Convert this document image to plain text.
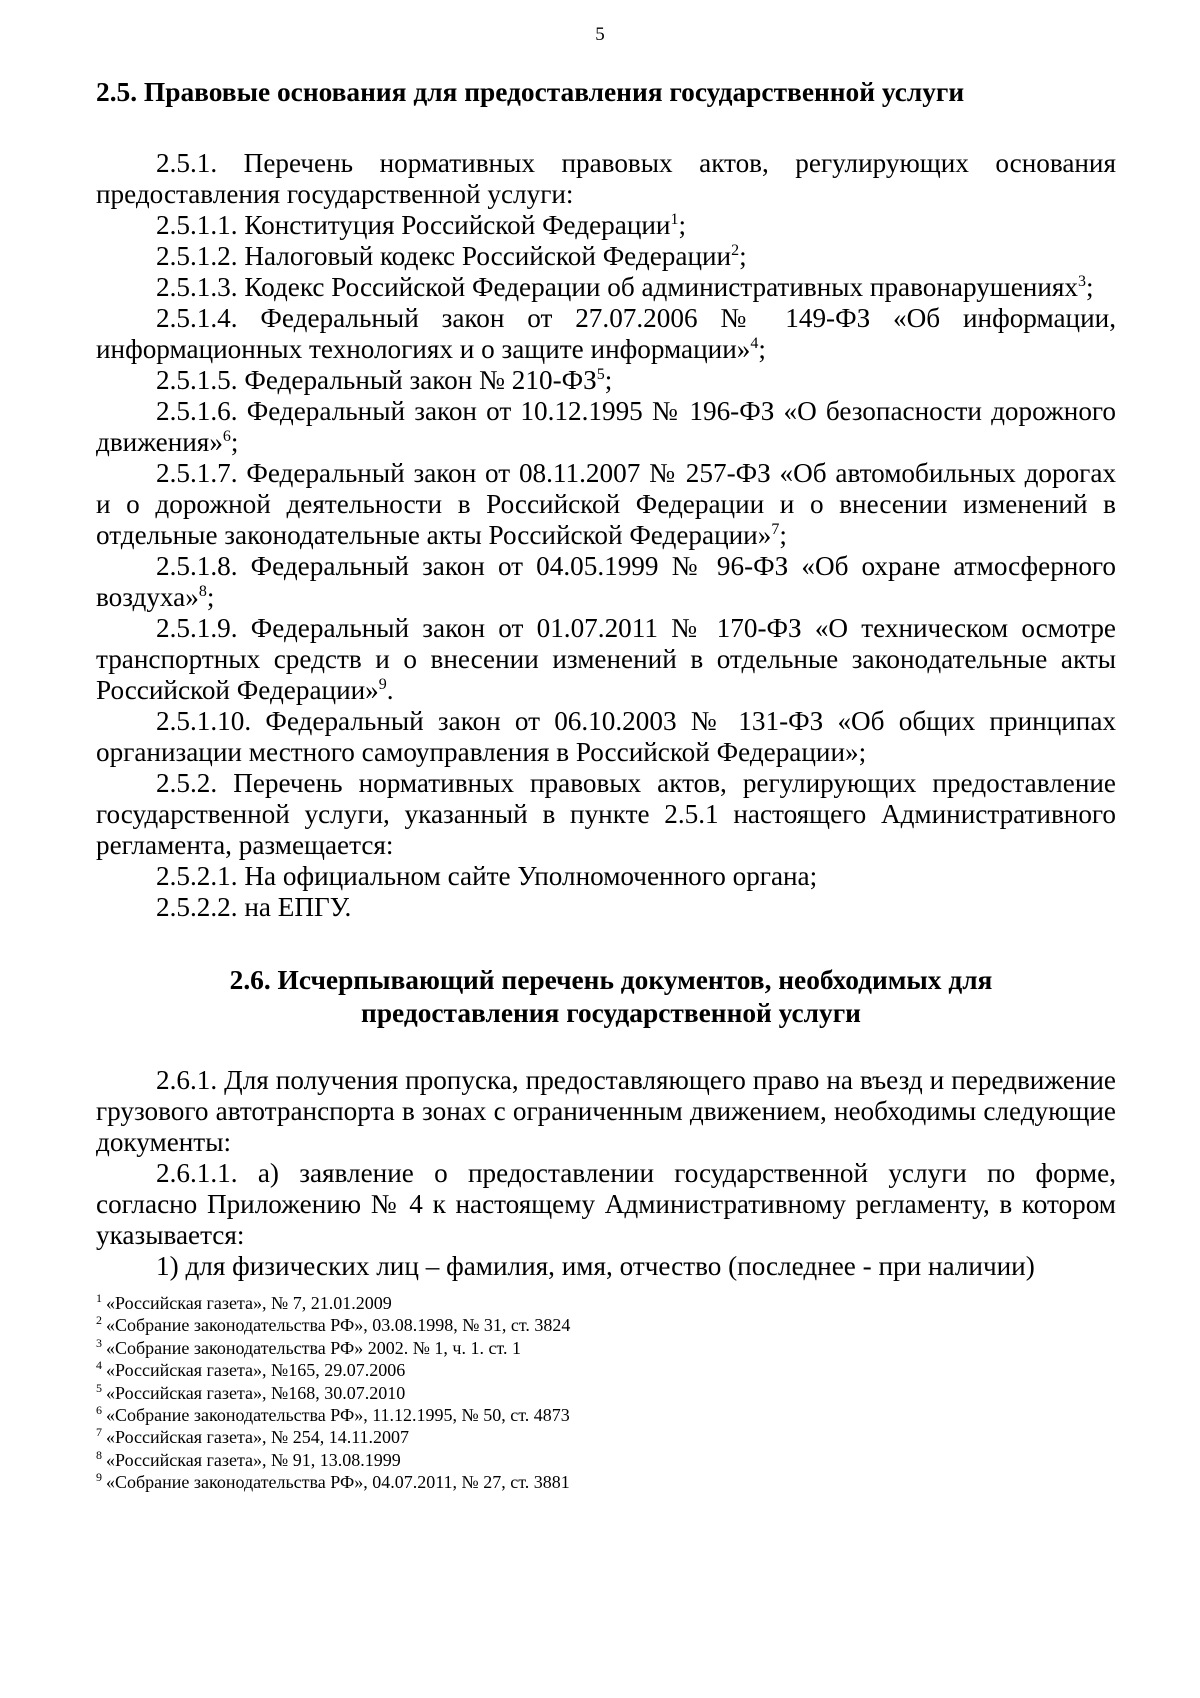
5

2.5. Правовые основания для предоставления государственной услуги

2.5.1. Перечень нормативных правовых актов, регулирующих основания предоставления государственной услуги:

2.5.1.1. Конституция Российской Федерации$^1$;

2.5.1.2. Налоговый кодекс Российской Федерации$^2$;

2.5.1.3. Кодекс Российской Федерации об административных правонарушениях$^3$;

2.5.1.4. Федеральный закон от 27.07.2006 № 149-ФЗ «Об информации, информационных технологиях и о защите информации»$^4$;

2.5.1.5. Федеральный закон № $210-ФЗ^5$;

2.5.1.6. Федеральный закон от 10.12.1995 № 196-ФЗ «О безопасности дорожного движения»$^6$;

2.5.1.7. Федеральный закон от 08.11.2007 № 257-ФЗ «Об автомобильных дорогах и о дорожной деятельности в Российской Федерации и о внесении изменений в отдельные законодательные акты Российской Федерации»$^7$;

2.5.1.8. Федеральный закон от 04.05.1999 № 96-ФЗ «Об охране атмосферного воздуха»$^8$;

2.5.1.9. Федеральный закон от 01.07.2011 № 170-ФЗ «О техническом осмотре транспортных средств и о внесении изменений в отдельные законодательные акты Российской Федерации»$^9$.

2.5.1.10. Федеральный закон от 06.10.2003 № 131-ФЗ «Об общих принципах организации местного самоуправления в Российской Федерации»;

2.5.2. Перечень нормативных правовых актов, регулирующих предоставление государственной услуги, указанный в пункте 2.5.1 настоящего Административного регламента, размещается:

2.5.2.1. На официальном сайте Уполномоченного органа;

2.5.2.2. на ЕПГУ.

2.6. Исчерпывающий перечень документов, необходимых для
предоставления государственной услуги

2.6.1. Для получения пропуска, предоставляющего право на въезд и передвижение грузового автотранспорта в зонах с ограниченным движением, необходимы следующие документы:

2.6.1.1. а) заявление о предоставлении государственной услуги по форме, согласно Приложению № 4 к настоящему Административному регламенту, в котором указывается:

1) для физических лиц – фамилия, имя, отчество (последнее - при наличии)

$^1$ «Российская газета», № 7, 21.01.2009

$^2$ «Собрание законодательства РФ», 03.08.1998, № 31, ст. 3824

$^3$ «Собрание законодательства РФ» 2002. № 1, ч. 1. ст. 1

$^4$ «Российская газета», №165, 29.07.2006

$^5$ «Российская газета», №168, 30.07.2010

$^6$ «Собрание законодательства РФ», 11.12.1995, № 50, ст. 4873

$^7$ «Российская газета», № 254, 14.11.2007

$^8$ «Российская газета», № 91, 13.08.1999

$^9$ «Собрание законодательства РФ», 04.07.2011, № 27, ст. 3881
